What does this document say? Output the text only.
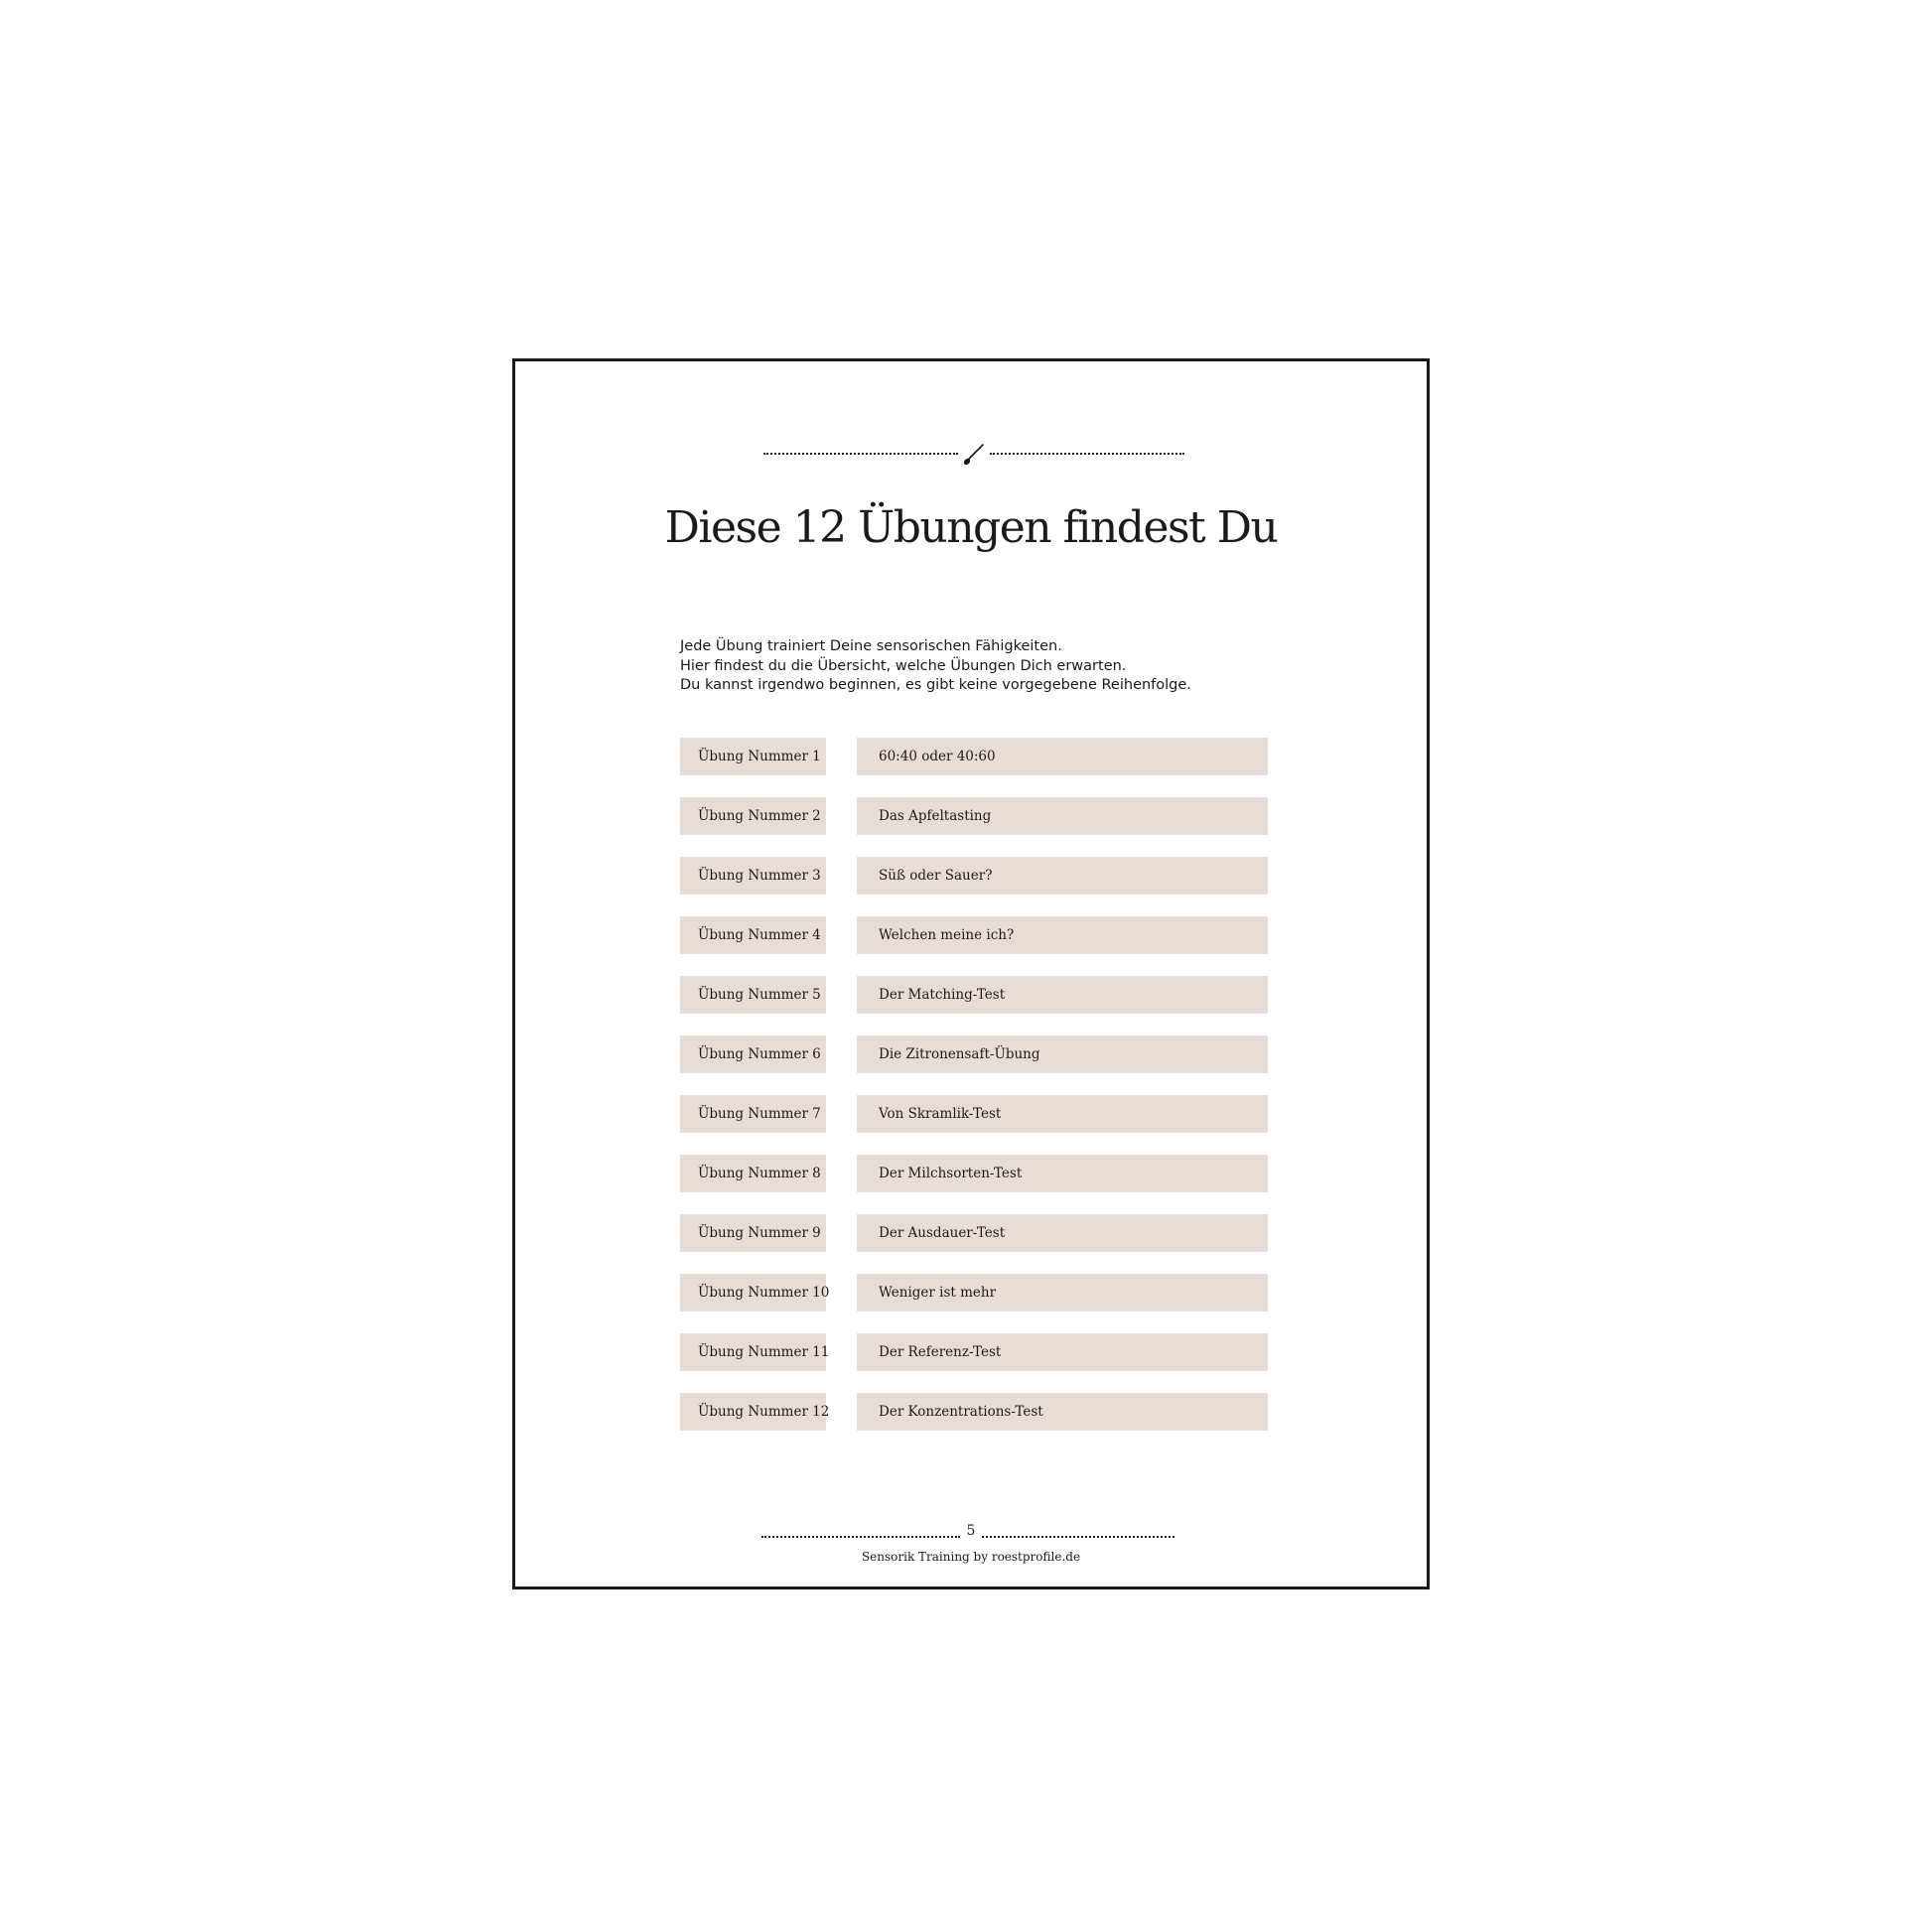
Diese 12 Übungen findest Du
Jede Übung trainiert Deine sensorischen Fähigkeiten.
Hier findest du die Übersicht, welche Übungen Dich erwarten.
Du kannst irgendwo beginnen, es gibt keine vorgegebene Reihenfolge.
Übung Nummer 1	60:40 oder 40:60
Übung Nummer 2	Das Apfeltasting
Übung Nummer 3	Süß oder Sauer?
Übung Nummer 4	Welchen meine ich?
Übung Nummer 5	Der Matching-Test
Übung Nummer 6	Die Zitronensaft-Übung
Übung Nummer 7	Von Skramlik-Test
Übung Nummer 8	Der Milchsorten-Test
Übung Nummer 9	Der Ausdauer-Test
Übung Nummer 10	Weniger ist mehr
Übung Nummer 11	Der Referenz-Test
Übung Nummer 12	Der Konzentrations-Test
5
Sensorik Training by roestprofile.de
